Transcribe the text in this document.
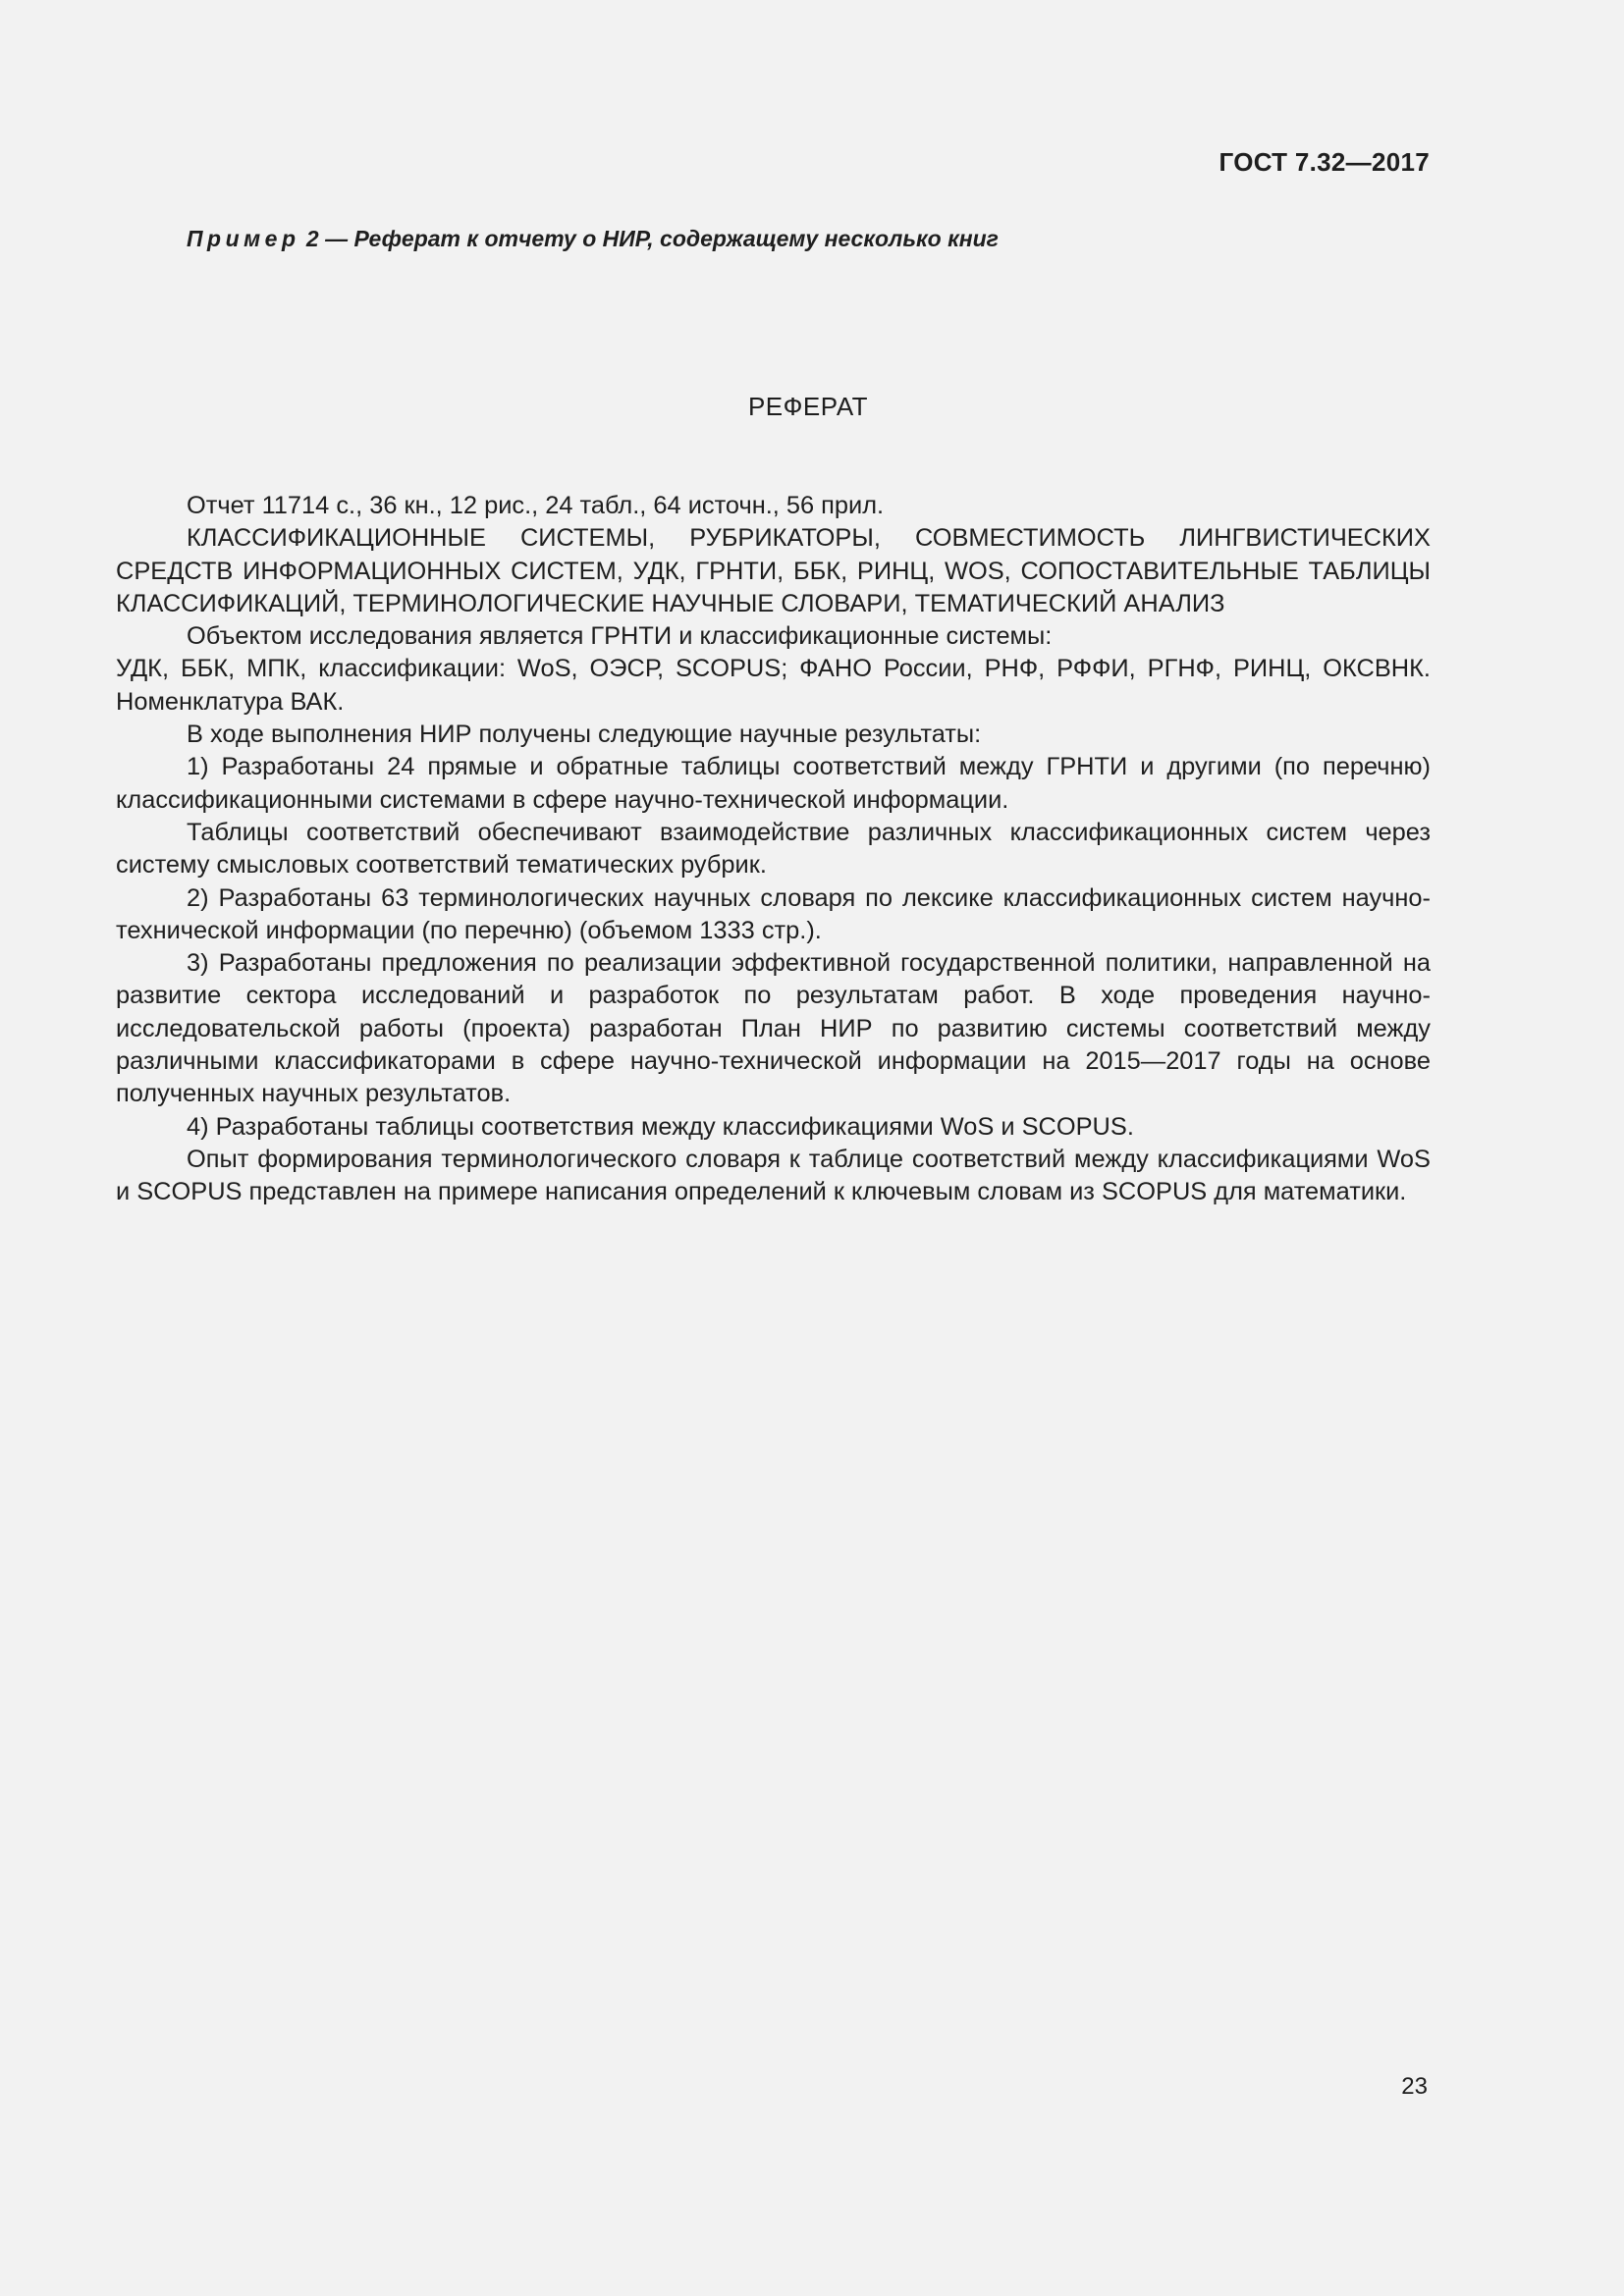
ГОСТ 7.32—2017
Пример 2 — Реферат к отчету о НИР, содержащему несколько книг
РЕФЕРАТ

Отчет 11714 с., 36 кн., 12 рис., 24 табл., 64 источн., 56 прил.

КЛАССИФИКАЦИОННЫЕ СИСТЕМЫ, РУБРИКАТОРЫ, СОВМЕСТИМОСТЬ ЛИНГВИСТИЧЕСКИХ СРЕДСТВ ИНФОРМАЦИОННЫХ СИСТЕМ, УДК, ГРНТИ, ББК, РИНЦ, WOS, СОПОСТАВИТЕЛЬНЫЕ ТАБЛИЦЫ КЛАССИФИКАЦИЙ, ТЕРМИНОЛОГИЧЕСКИЕ НАУЧНЫЕ СЛОВАРИ, ТЕМАТИЧЕСКИЙ АНАЛИЗ

Объектом исследования является ГРНТИ и классификационные системы:

УДК, ББК, МПК, классификации: WoS, ОЭСР, SCOPUS; ФАНО России, РНФ, РФФИ, РГНФ, РИНЦ, ОКСВНК. Номенклатура ВАК.

В ходе выполнения НИР получены следующие научные результаты:

1) Разработаны 24 прямые и обратные таблицы соответствий между ГРНТИ и другими (по перечню) классификационными системами в сфере научно-технической информации.

Таблицы соответствий обеспечивают взаимодействие различных классификационных систем через систему смысловых соответствий тематических рубрик.

2) Разработаны 63 терминологических научных словаря по лексике классификационных систем научно-технической информации (по перечню) (объемом 1333 стр.).

3) Разработаны предложения по реализации эффективной государственной политики, направленной на развитие сектора исследований и разработок по результатам работ. В ходе проведения научно-исследовательской работы (проекта) разработан План НИР по развитию системы соответствий между различными классификаторами в сфере научно-технической информации на 2015—2017 годы на основе полученных научных результатов.

4) Разработаны таблицы соответствия между классификациями WoS и SCOPUS.

Опыт формирования терминологического словаря к таблице соответствий между классификациями WoS и SCOPUS представлен на примере написания определений к ключевым словам из SCOPUS для математики.

23
